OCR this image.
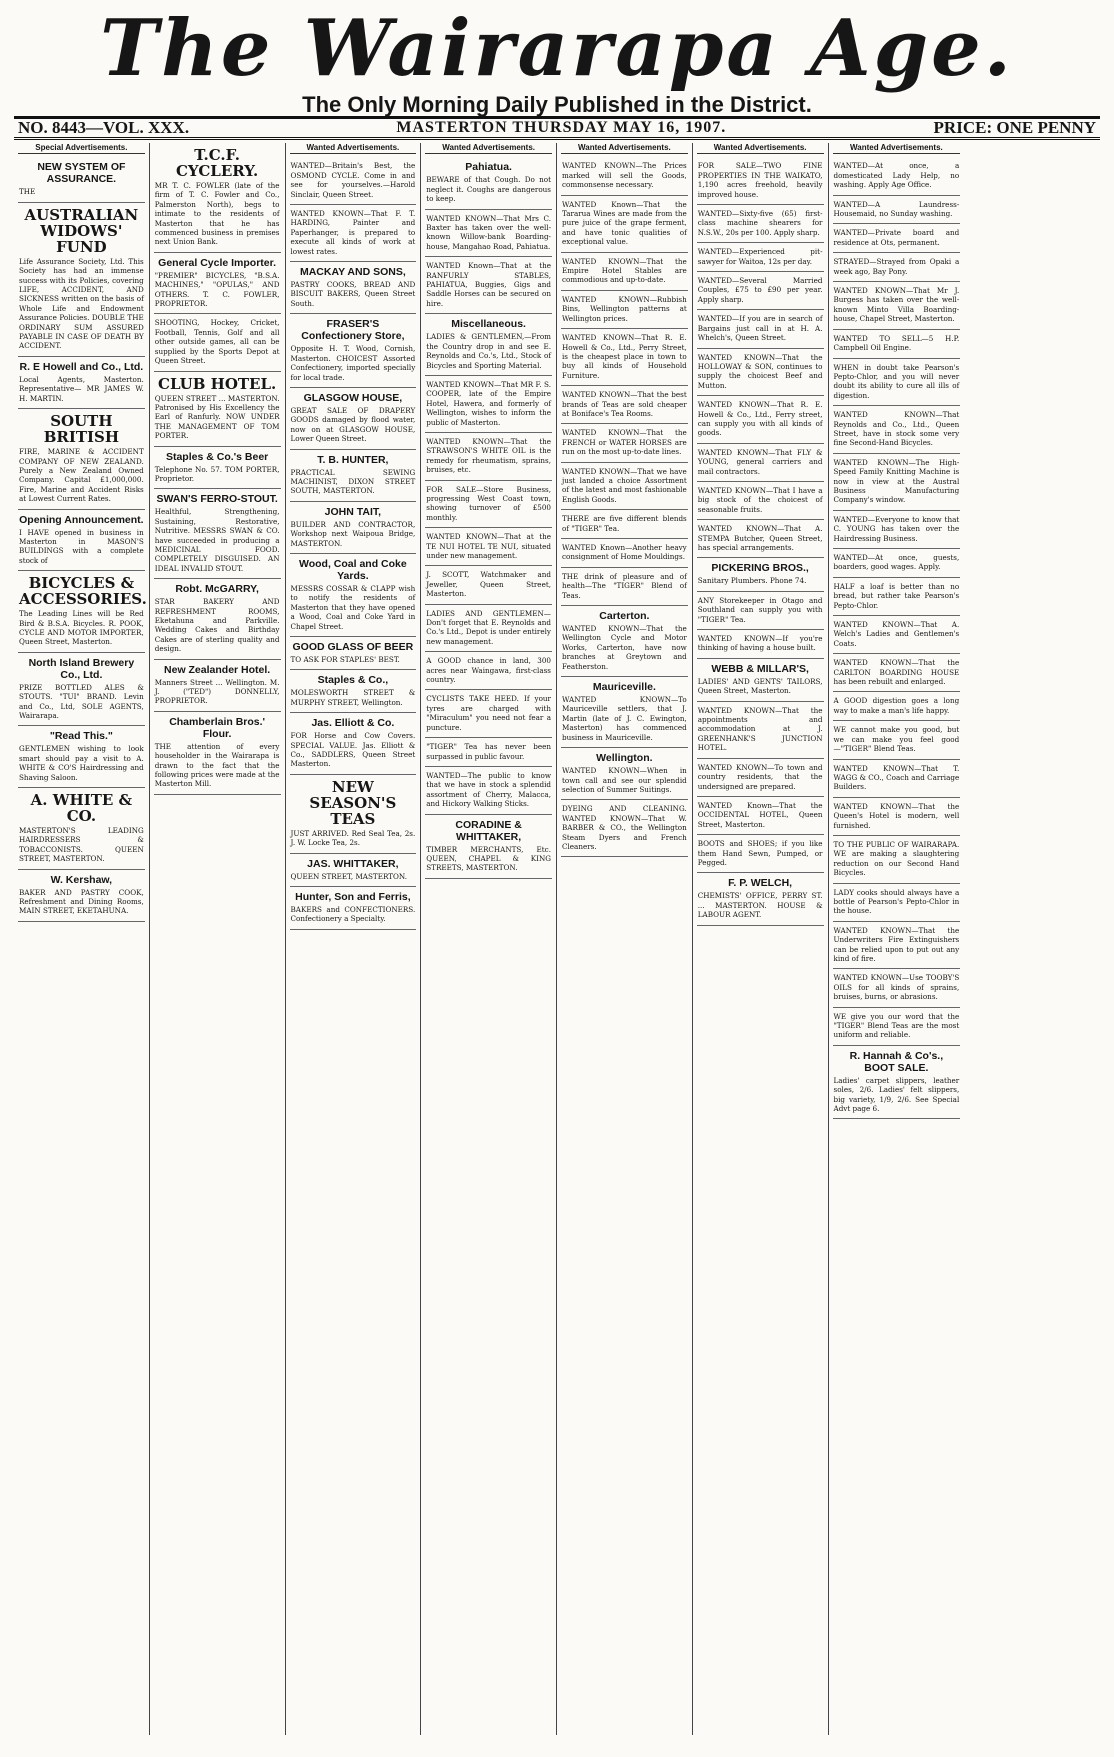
The Wairarapa Age.
The Only Morning Daily Published in the District.
NO. 8443—VOL. XXX.	MASTERTON THURSDAY MAY 16, 1907.	PRICE: ONE PENNY
Special Advertisements.
NEW SYSTEM OF ASSURANCE.
THE
AUSTRALIAN WIDOWS' FUND
Life Assurance Society, Ltd. This Society has had an immense success with its Policies, covering LIFE, ACCIDENT, AND SICKNESS written on the basis of Whole Life and Endowment Assurance Policies. DOUBLE THE ORDINARY SUM ASSURED PAYABLE IN CASE OF DEATH BY ACCIDENT.
R. E Howell and Co., Ltd.
Local Agents, Masterton. Representative— MR JAMES W. H. MARTIN.
SOUTH BRITISH
FIRE, MARINE & ACCIDENT COMPANY OF NEW ZEALAND. Purely a New Zealand Owned Company. Capital £1,000,000. Fire, Marine and Accident Risks at Lowest Current Rates.
Opening Announcement.
I HAVE opened in business in Masterton in MASON'S BUILDINGS with a complete stock of
BICYCLES & ACCESSORIES.
The Leading Lines will be Red Bird & B.S.A. Bicycles. R. POOK, CYCLE AND MOTOR IMPORTER, Queen Street, Masterton.
North Island Brewery Co., Ltd.
PRIZE BOTTLED ALES & STOUTS. "TUI" BRAND. Levin and Co., Ltd, SOLE AGENTS, Wairarapa.
"Read This."
GENTLEMEN wishing to look smart should pay a visit to A. WHITE & CO'S Hairdressing and Shaving Saloon.
A. WHITE & CO.
MASTERTON'S LEADING HAIRDRESSERS & TOBACCONISTS. QUEEN STREET, MASTERTON.
W. Kershaw,
BAKER AND PASTRY COOK, Refreshment and Dining Rooms, MAIN STREET, EKETAHUNA.
T.C.F. CYCLERY.
MR T. C. FOWLER (late of the firm of T. C. Fowler and Co., Palmerston North), begs to intimate to the residents of Masterton that he has commenced business in premises next Union Bank.
General Cycle Importer.
"PREMIER" BICYCLES, "B.S.A. MACHINES," "OPULAS," AND OTHERS. T. C. FOWLER, PROPRIETOR.
SHOOTING, Hockey, Cricket, Football, Tennis, Golf and all other outside games, all can be supplied by the Sports Depot at Queen Street.
CLUB HOTEL.
QUEEN STREET ... MASTERTON. Patronised by His Excellency the Earl of Ranfurly. NOW UNDER THE MANAGEMENT OF TOM PORTER.
Staples & Co.'s Beer
Telephone No. 57. TOM PORTER, Proprietor.
SWAN'S FERRO-STOUT.
Healthful, Strengthening, Sustaining, Restorative, Nutritive. MESSRS SWAN & CO. have succeeded in producing a MEDICINAL FOOD. COMPLETELY DISGUISED. AN IDEAL INVALID STOUT.
Robt. McGARRY,
STAR BAKERY AND REFRESHMENT ROOMS, Eketahuna and Parkville. Wedding Cakes and Birthday Cakes are of sterling quality and design.
New Zealander Hotel.
Manners Street ... Wellington. M. J. ("TED") DONNELLY, PROPRIETOR.
Chamberlain Bros.' Flour.
THE attention of every householder in the Wairarapa is drawn to the fact that the following prices were made at the Masterton Mill.
Wanted Advertisements.
WANTED—Britain's Best, the OSMOND CYCLE. Come in and see for yourselves.—Harold Sinclair, Queen Street.
WANTED KNOWN—That F. T. HARDING, Painter and Paperhanger, is prepared to execute all kinds of work at lowest rates.
MACKAY AND SONS,
PASTRY COOKS, BREAD AND BISCUIT BAKERS, Queen Street South.
FRASER'S Confectionery Store,
Opposite H. T. Wood, Cornish, Masterton. CHOICEST Assorted Confectionery, imported specially for local trade.
GLASGOW HOUSE,
GREAT SALE OF DRAPERY GOODS damaged by flood water, now on at GLASGOW HOUSE, Lower Queen Street.
T. B. HUNTER,
PRACTICAL SEWING MACHINIST, DIXON STREET SOUTH, MASTERTON.
JOHN TAIT,
BUILDER AND CONTRACTOR, Workshop next Waipoua Bridge, MASTERTON.
Wood, Coal and Coke Yards.
MESSRS COSSAR & CLAPP wish to notify the residents of Masterton that they have opened a Wood, Coal and Coke Yard in Chapel Street.
GOOD GLASS OF BEER
TO ASK FOR STAPLES' BEST.
Staples & Co.,
MOLESWORTH STREET & MURPHY STREET, Wellington.
Jas. Elliott & Co.
FOR Horse and Cow Covers. SPECIAL VALUE. Jas. Elliott & Co., SADDLERS, Queen Street Masterton.
NEW SEASON'S TEAS
JUST ARRIVED. Red Seal Tea, 2s. J. W. Locke Tea, 2s.
JAS. WHITTAKER,
QUEEN STREET, MASTERTON.
Hunter, Son and Ferris,
BAKERS and CONFECTIONERS. Confectionery a Specialty.
Wanted Advertisements.
Pahiatua.
BEWARE of that Cough. Do not neglect it. Coughs are dangerous to keep.
WANTED KNOWN—That Mrs C. Baxter has taken over the well-known Willow-bank Boarding-house, Mangahao Road, Pahiatua.
WANTED Known—That at the RANFURLY STABLES, PAHIATUA, Buggies, Gigs and Saddle Horses can be secured on hire.
Miscellaneous.
LADIES & GENTLEMEN,—From the Country drop in and see E. Reynolds and Co.'s, Ltd., Stock of Bicycles and Sporting Material.
WANTED KNOWN—That MR F. S. COOPER, late of the Empire Hotel, Hawera, and formerly of Wellington, wishes to inform the public of Masterton.
WANTED KNOWN—That the STRAWSON'S WHITE OIL is the remedy for rheumatism, sprains, bruises, etc.
FOR SALE—Store Business, progressing West Coast town, showing turnover of £500 monthly.
WANTED KNOWN—That at the TE NUI HOTEL TE NUI, situated under new management.
J. SCOTT, Watchmaker and Jeweller, Queen Street, Masterton.
LADIES AND GENTLEMEN—Don't forget that E. Reynolds and Co.'s Ltd., Depot is under entirely new management.
A GOOD chance in land, 300 acres near Waingawa, first-class country.
CYCLISTS TAKE HEED. If your tyres are charged with "Miraculum" you need not fear a puncture.
"TIGER" Tea has never been surpassed in public favour.
WANTED—The public to know that we have in stock a splendid assortment of Cherry, Malacca, and Hickory Walking Sticks.
CORADINE & WHITTAKER,
TIMBER MERCHANTS, Etc. QUEEN, CHAPEL & KING STREETS, MASTERTON.
Wanted Advertisements.
WANTED KNOWN—The Prices marked will sell the Goods, commonsense necessary.
WANTED Known—That the Tararua Wines are made from the pure juice of the grape ferment, and have tonic qualities of exceptional value.
WANTED KNOWN—That the Empire Hotel Stables are commodious and up-to-date.
WANTED KNOWN—Rubbish Bins, Wellington patterns at Wellington prices.
WANTED KNOWN—That R. E. Howell & Co., Ltd., Perry Street, is the cheapest place in town to buy all kinds of Household Furniture.
WANTED KNOWN—That the best brands of Teas are sold cheaper at Boniface's Tea Rooms.
WANTED KNOWN—That the FRENCH or WATER HORSES are run on the most up-to-date lines.
WANTED KNOWN—That we have just landed a choice Assortment of the latest and most fashionable English Goods.
THERE are five different blends of "TIGER" Tea.
WANTED Known—Another heavy consignment of Home Mouldings.
THE drink of pleasure and of health—The "TIGER" Blend of Teas.
Carterton.
WANTED KNOWN—That the Wellington Cycle and Motor Works, Carterton, have now branches at Greytown and Featherston.
Mauriceville.
WANTED KNOWN—To Mauriceville settlers, that J. Martin (late of J. C. Ewington, Masterton) has commenced business in Mauriceville.
Wellington.
WANTED KNOWN—When in town call and see our splendid selection of Summer Suitings.
DYEING AND CLEANING. WANTED KNOWN—That W. BARBER & CO., the Wellington Steam Dyers and French Cleaners.
Wanted Advertisements.
FOR SALE—TWO FINE PROPERTIES IN THE WAIKATO, 1,190 acres freehold, heavily improved house.
WANTED—Sixty-five (65) first-class machine shearers for N.S.W., 20s per 100. Apply sharp.
WANTED—Experienced pit-sawyer for Waitoa, 12s per day.
WANTED—Several Married Couples, £75 to £90 per year. Apply sharp.
WANTED—If you are in search of Bargains just call in at H. A. Whelch's, Queen Street.
WANTED KNOWN—That the HOLLOWAY & SON, continues to supply the choicest Beef and Mutton.
WANTED KNOWN—That R. E. Howell & Co., Ltd., Ferry street, can supply you with all kinds of goods.
WANTED KNOWN—That FLY & YOUNG, general carriers and mail contractors.
WANTED KNOWN—That I have a big stock of the choicest of seasonable fruits.
WANTED KNOWN—That A. STEMPA Butcher, Queen Street, has special arrangements.
PICKERING BROS.,
Sanitary Plumbers. Phone 74.
ANY Storekeeper in Otago and Southland can supply you with "TIGER" Tea.
WANTED KNOWN—If you're thinking of having a house built.
WEBB & MILLAR'S,
LADIES' AND GENTS' TAILORS, Queen Street, Masterton.
WANTED KNOWN—That the appointments and accommodation at J. GREENHANK'S JUNCTION HOTEL.
WANTED KNOWN—To town and country residents, that the undersigned are prepared.
WANTED Known—That the OCCIDENTAL HOTEL, Queen Street, Masterton.
BOOTS and SHOES; if you like them Hand Sewn, Pumped, or Pegged.
F. P. WELCH,
CHEMISTS' OFFICE, PERRY ST. ... MASTERTON. HOUSE & LABOUR AGENT.
Wanted Advertisements.
WANTED—At once, a domesticated Lady Help, no washing. Apply Age Office.
WANTED—A Laundress-Housemaid, no Sunday washing.
WANTED—Private board and residence at Ots, permanent.
STRAYED—Strayed from Opaki a week ago, Bay Pony.
WANTED KNOWN—That Mr J. Burgess has taken over the well-known Minto Villa Boarding-house, Chapel Street, Masterton.
WANTED TO SELL—5 H.P. Campbell Oil Engine.
WHEN in doubt take Pearson's Pepto-Chlor, and you will never doubt its ability to cure all ills of digestion.
WANTED KNOWN—That Reynolds and Co., Ltd., Queen Street, have in stock some very fine Second-Hand Bicycles.
WANTED KNOWN—The High-Speed Family Knitting Machine is now in view at the Austral Business Manufacturing Company's window.
WANTED—Everyone to know that C. YOUNG has taken over the Hairdressing Business.
WANTED—At once, guests, boarders, good wages. Apply.
HALF a loaf is better than no bread, but rather take Pearson's Pepto-Chlor.
WANTED KNOWN—That A. Welch's Ladies and Gentlemen's Coats.
WANTED KNOWN—That the CARLTON BOARDING HOUSE has been rebuilt and enlarged.
A GOOD digestion goes a long way to make a man's life happy.
WE cannot make you good, but we can make you feel good—"TIGER" Blend Teas.
WANTED KNOWN—That T. WAGG & CO., Coach and Carriage Builders.
WANTED KNOWN—That the Queen's Hotel is modern, well furnished.
TO THE PUBLIC OF WAIRARAPA. WE are making a slaughtering reduction on our Second Hand Bicycles.
LADY cooks should always have a bottle of Pearson's Pepto-Chlor in the house.
WANTED KNOWN—That the Underwriters Fire Extinguishers can be relied upon to put out any kind of fire.
WANTED KNOWN—Use TOOBY'S OILS for all kinds of sprains, bruises, burns, or abrasions.
WE give you our word that the "TIGER" Blend Teas are the most uniform and reliable.
R. Hannah & Co's., BOOT SALE.
Ladies' carpet slippers, leather soles, 2/6. Ladies' felt slippers, big variety, 1/9, 2/6. See Special Advt page 6.
